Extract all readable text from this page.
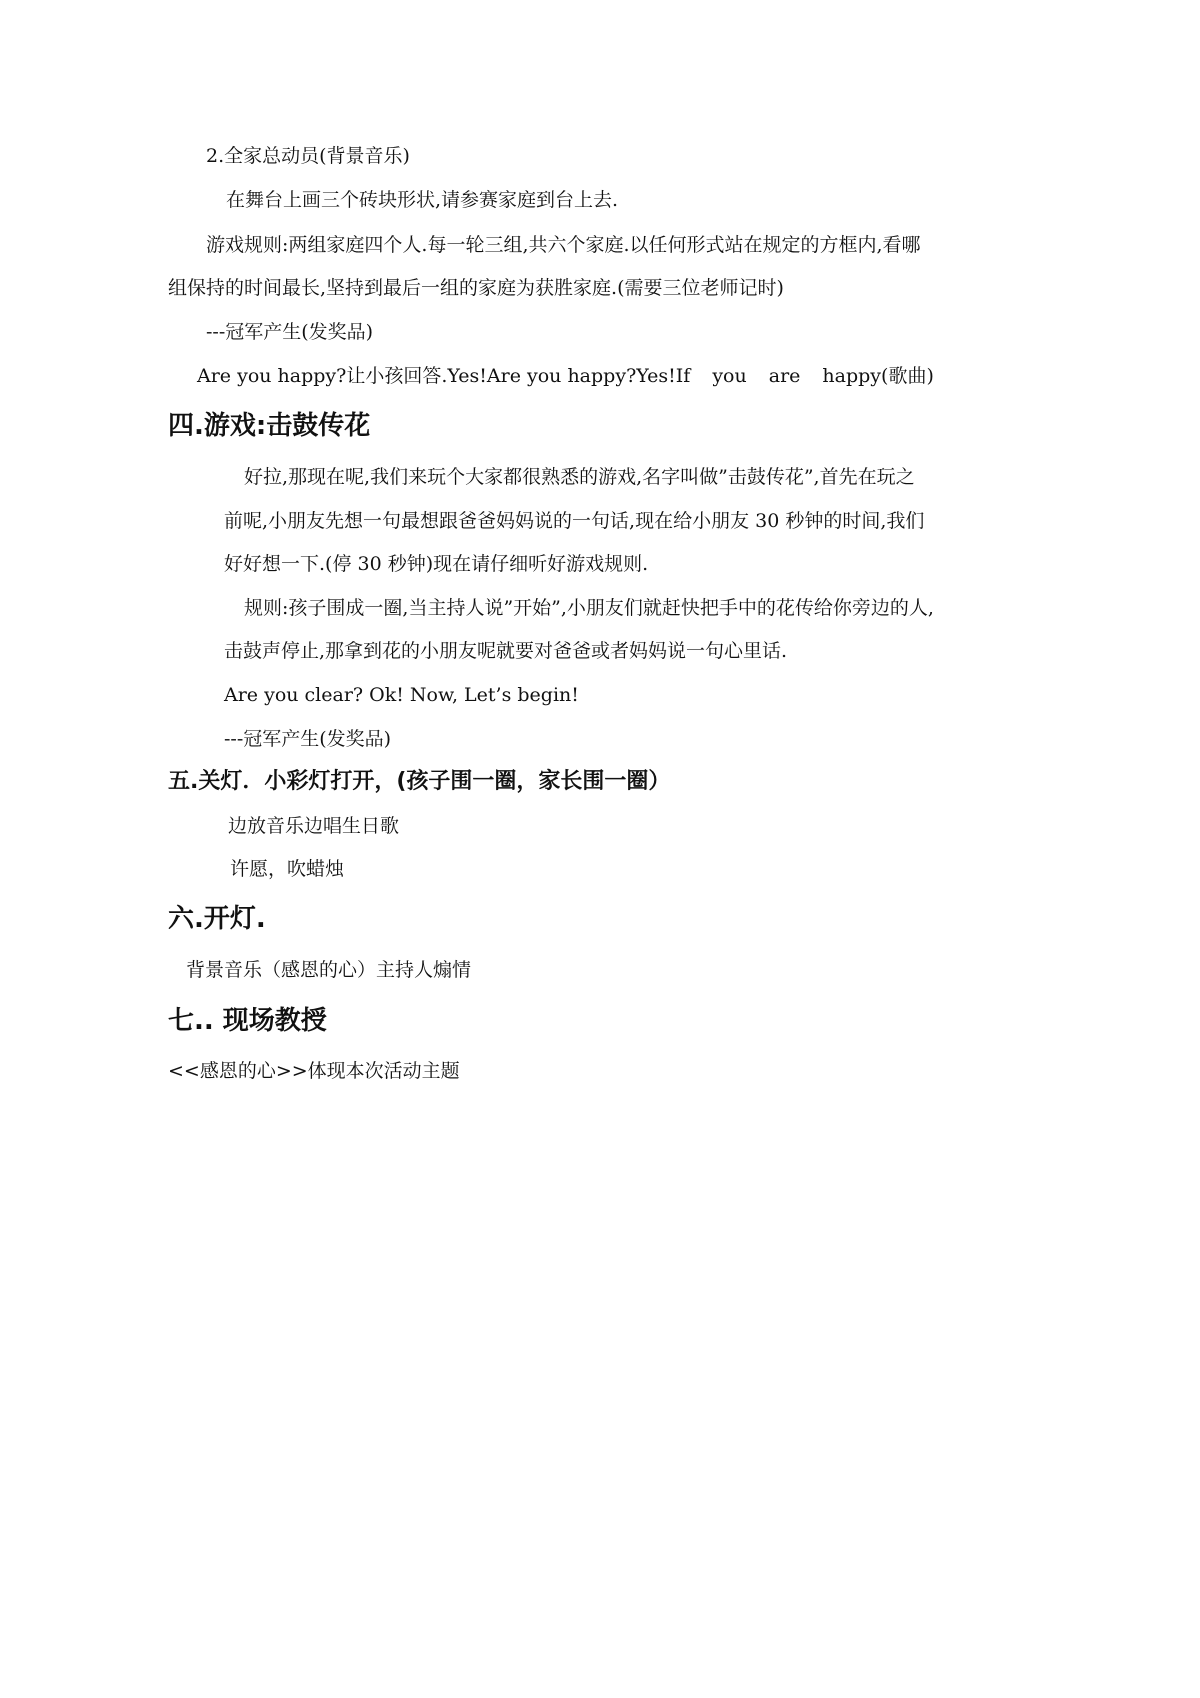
2.全家总动员(背景音乐)
在舞台上画三个砖块形状,请参赛家庭到台上去.
游戏规则:两组家庭四个人.每一轮三组,共六个家庭.以任何形式站在规定的方框内,看哪
组保持的时间最长,坚持到最后一组的家庭为获胜家庭.(需要三位老师记时)
---冠军产生(发奖品)
Are you happy?让小孩回答.Yes!Are you happy?Yes!If you are happy(歌曲)
四.游戏:击鼓传花
好拉,那现在呢,我们来玩个大家都很熟悉的游戏,名字叫做”击鼓传花”,首先在玩之
前呢,小朋友先想一句最想跟爸爸妈妈说的一句话,现在给小朋友 30 秒钟的时间,我们
好好想一下.(停 30 秒钟)现在请仔细听好游戏规则.
规则:孩子围成一圈,当主持人说”开始”,小朋友们就赶快把手中的花传给你旁边的人,
击鼓声停止,那拿到花的小朋友呢就要对爸爸或者妈妈说一句心里话.
Are you clear? Ok! Now, Let’s begin!
---冠军产生(发奖品)
五.关灯．小彩灯打开，(孩子围一圈，家长围一圈）
边放音乐边唱生日歌
许愿，吹蜡烛
六.开灯.
背景音乐（感恩的心）主持人煽情
七.. 现场教授
<<感恩的心>>体现本次活动主题
